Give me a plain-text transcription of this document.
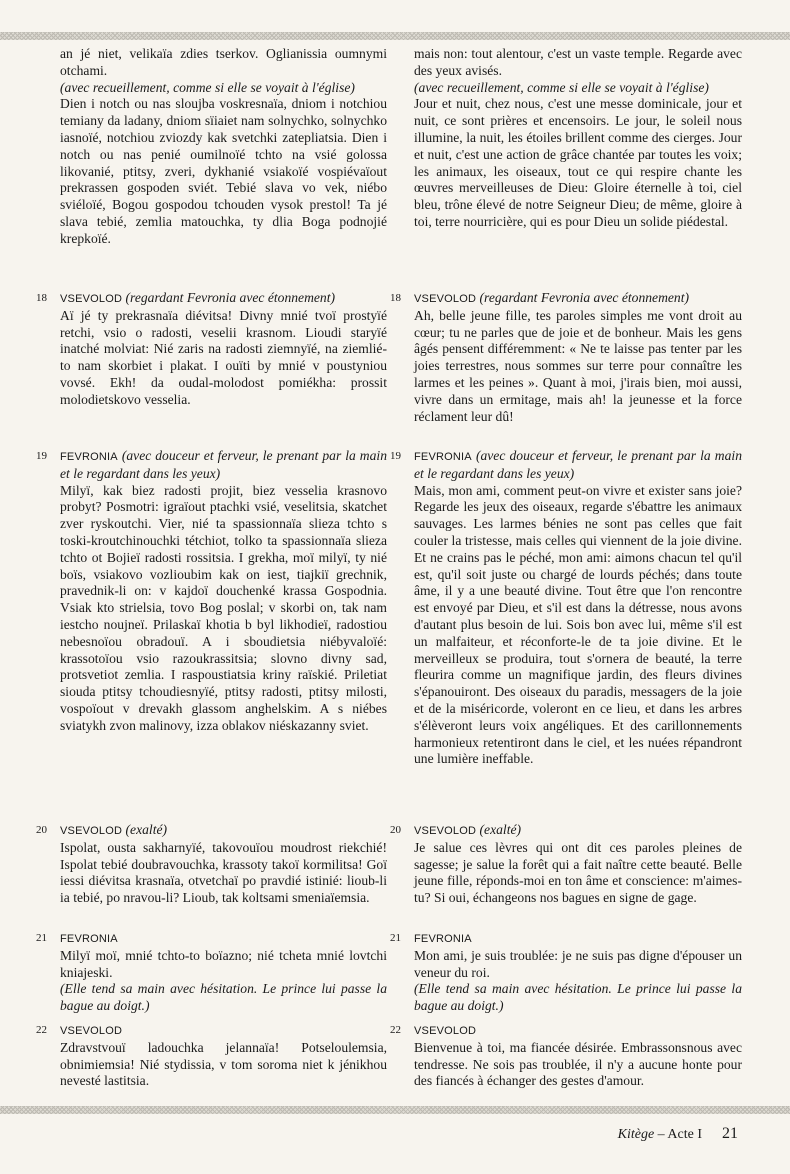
an jé niet, velikaïa zdies tserkov. Oglianissia oumnymi otchami.

(avec recueillement, comme si elle se voyait à l'église)

Dien i notch ou nas sloujba voskresnaïa, dniom i notchiou temiany da ladany, dniom sïiaiet nam solnychko, solnychko iasnoïé, notchiou zviozdy kak svetchki zatepliatsia. Dien i notch ou nas penié oumilnoïé tchto na vsié golossa likovanié, ptitsy, zveri, dykhanié vsiakoïé vospiévaïout prekrassen gospoden sviét. Tebié slava vo vek, niébo sviéloïé, Bogou gospodou tchouden vysok prestol! Ta jé slava tebié, zemlia matouchka, ty dlia Boga podnojié krepkoïé.

18	VSEVOLOD (regardant Fevronia avec étonnement)

Aï jé ty prekrasnaïa diévitsa! Divny mnié tvoï prostyïé retchi, vsio o radosti, veselii krasnom. Lioudi staryïé inatché molviat: Nié zaris na radosti ziemnyïé, na ziemlié-to nam skorbiet i plakat. I ouïti by mnié v poustyniou vovsé. Ekh! da oudal-molodost pomiékha: prossit molodietskovo vesselia.

19	FEVRONIA (avec douceur et ferveur, le prenant par la main et le regardant dans les yeux)

Milyï, kak biez radosti projit, biez vesselia krasnovo probyt? Posmotri: igraïout ptachki vsié, veselitsia, skatchet zver ryskoutchi. Vier, nié ta spassionnaïa slieza tchto s toski-kroutchinouchki tétchiot, tolko ta spassionnaïa slieza tchto ot Bojieï radosti rossitsia. I grekha, moï milyï, ty nié boïs, vsiakovo vozlioubim kak on iest, tiajkiï grechnik, pravednik-li on: v kajdoï douchenké krassa Gospodnia. Vsiak kto strielsia, tovo Bog poslal; v skorbi on, tak nam iestcho noujneï. Prilaskaï khotia b byl likhodieï, radostiou nebesnoïou obradouï. A i sboudietsia niébyvaloïé: krassotoïou vsio razoukrassitsia; slovno divny sad, protsvetiot zemlia. I raspoustiatsia kriny raïskié. Priletiat siouda ptitsy tchoudiesnyïé, ptitsy radosti, ptitsy milosti, vospoïout v drevakh glassom anghelskim. A s niébes sviatykh zvon malinovy, izza oblakov niéskazanny sviet.

20	VSEVOLOD (exalté)

Ispolat, ousta sakharnyïé, takovouïou moudrost riekchié! Ispolat tebié doubravouchka, krassoty takoï kormilitsa! Goï iessi diévitsa krasnaïa, otvetchaï po pravdié istinié: lioub-li ia tebié, po nravou-li? Lioub, tak koltsami smeniaïemsia.

21	FEVRONIA

Milyï moï, mnié tchto-to boïazno; nié tcheta mnié lovtchi kniajeski.

(Elle tend sa main avec hésitation. Le prince lui passe la bague au doigt.)

22	VSEVOLOD

Zdravstvouï ladouchka jelannaïa! Potseloulemsia, obnimiemsia! Nié stydissia, v tom soroma niet k jénikhou nevesté lastitsia.

mais non: tout alentour, c'est un vaste temple. Regarde avec des yeux avisés.

(avec recueillement, comme si elle se voyait à l'église)

Jour et nuit, chez nous, c'est une messe dominicale, jour et nuit, ce sont prières et encensoirs. Le jour, le soleil nous illumine, la nuit, les étoiles brillent comme des cierges. Jour et nuit, c'est une action de grâce chantée par toutes les voix; les animaux, les oiseaux, tout ce qui respire chante les œuvres merveilleuses de Dieu: Gloire éternelle à toi, ciel bleu, trône élevé de notre Seigneur Dieu; de même, gloire à toi, terre nourricière, qui es pour Dieu un solide piédestal.

18	VSEVOLOD (regardant Fevronia avec étonnement)

Ah, belle jeune fille, tes paroles simples me vont droit au cœur; tu ne parles que de joie et de bonheur. Mais les gens âgés pensent différemment: « Ne te laisse pas tenter par les joies terrestres, nous sommes sur terre pour connaître les larmes et les peines ». Quant à moi, j'irais bien, moi aussi, vivre dans un ermitage, mais ah! la jeunesse et la force réclament leur dû!

19	FEVRONIA (avec douceur et ferveur, le prenant par la main et le regardant dans les yeux)

Mais, mon ami, comment peut-on vivre et exister sans joie? Regarde les jeux des oiseaux, regarde s'ébattre les animaux sauvages. Les larmes bénies ne sont pas celles que fait couler la tristesse, mais celles qui viennent de la joie divine. Et ne crains pas le péché, mon ami: aimons chacun tel qu'il est, qu'il soit juste ou chargé de lourds péchés; dans toute âme, il y a une beauté divine. Tout être que l'on rencontre est envoyé par Dieu, et s'il est dans la détresse, nous avons d'autant plus besoin de lui. Sois bon avec lui, même s'il est un malfaiteur, et réconforte-le de ta joie divine. Et le merveilleux se produira, tout s'ornera de beauté, la terre fleurira comme un magnifique jardin, des fleurs divines s'épanouiront. Des oiseaux du paradis, messagers de la joie et de la miséricorde, voleront en ce lieu, et dans les arbres s'élèveront leurs voix angéliques. Et des carillonnements harmonieux retentiront dans le ciel, et les nuées répandront une lumière ineffable.

20	VSEVOLOD (exalté)

Je salue ces lèvres qui ont dit ces paroles pleines de sagesse; je salue la forêt qui a fait naître cette beauté. Belle jeune fille, réponds-moi en ton âme et conscience: m'aimes-tu? Si oui, échangeons nos bagues en signe de gage.

21	FEVRONIA

Mon ami, je suis troublée: je ne suis pas digne d'épouser un veneur du roi.

(Elle tend sa main avec hésitation. Le prince lui passe la bague au doigt.)

22	VSEVOLOD

Bienvenue à toi, ma fiancée désirée. Embrassonsnous avec tendresse. Ne sois pas troublée, il n'y a aucune honte pour des fiancés à échanger des gestes d'amour.

Kitège – Acte I 21
